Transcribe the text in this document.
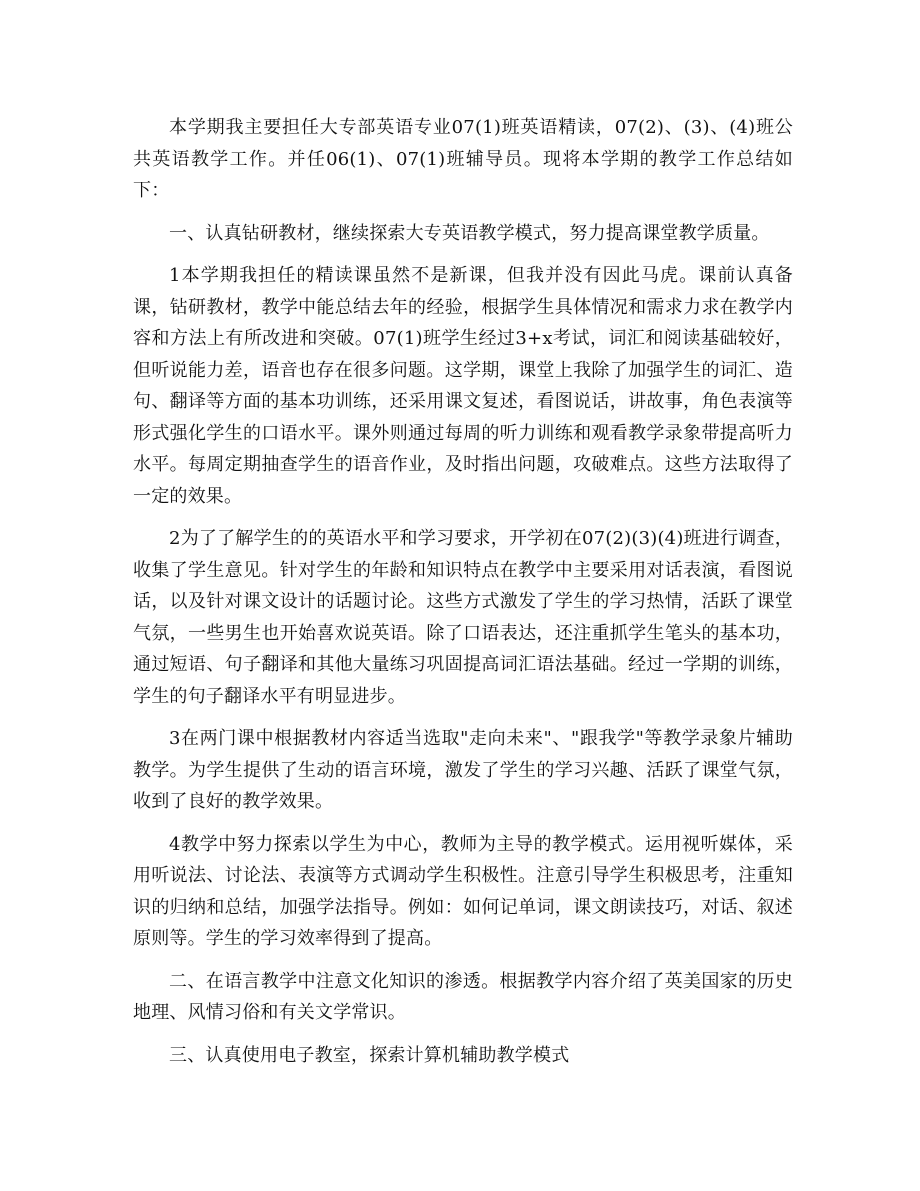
本学期我主要担任大专部英语专业07(1)班英语精读，07(2)、(3)、(4)班公共英语教学工作。并任06(1)、07(1)班辅导员。现将本学期的教学工作总结如下：

一、认真钻研教材，继续探索大专英语教学模式，努力提高课堂教学质量。

1本学期我担任的精读课虽然不是新课，但我并没有因此马虎。课前认真备课，钻研教材，教学中能总结去年的经验，根据学生具体情况和需求力求在教学内容和方法上有所改进和突破。07(1)班学生经过3+x考试，词汇和阅读基础较好，但听说能力差，语音也存在很多问题。这学期，课堂上我除了加强学生的词汇、造句、翻译等方面的基本功训练，还采用课文复述，看图说话，讲故事，角色表演等形式强化学生的口语水平。课外则通过每周的听力训练和观看教学录象带提高听力水平。每周定期抽查学生的语音作业，及时指出问题，攻破难点。这些方法取得了一定的效果。

2为了了解学生的的英语水平和学习要求，开学初在07(2)(3)(4)班进行调查，收集了学生意见。针对学生的年龄和知识特点在教学中主要采用对话表演，看图说话，以及针对课文设计的话题讨论。这些方式激发了学生的学习热情，活跃了课堂气氛，一些男生也开始喜欢说英语。除了口语表达，还注重抓学生笔头的基本功，通过短语、句子翻译和其他大量练习巩固提高词汇语法基础。经过一学期的训练，学生的句子翻译水平有明显进步。

3在两门课中根据教材内容适当选取"走向未来"、"跟我学"等教学录象片辅助教学。为学生提供了生动的语言环境，激发了学生的学习兴趣、活跃了课堂气氛，收到了良好的教学效果。

4教学中努力探索以学生为中心，教师为主导的教学模式。运用视听媒体，采用听说法、讨论法、表演等方式调动学生积极性。注意引导学生积极思考，注重知识的归纳和总结，加强学法指导。例如：如何记单词，课文朗读技巧，对话、叙述原则等。学生的学习效率得到了提高。

二、在语言教学中注意文化知识的渗透。根据教学内容介绍了英美国家的历史地理、风情习俗和有关文学常识。

三、认真使用电子教室，探索计算机辅助教学模式
